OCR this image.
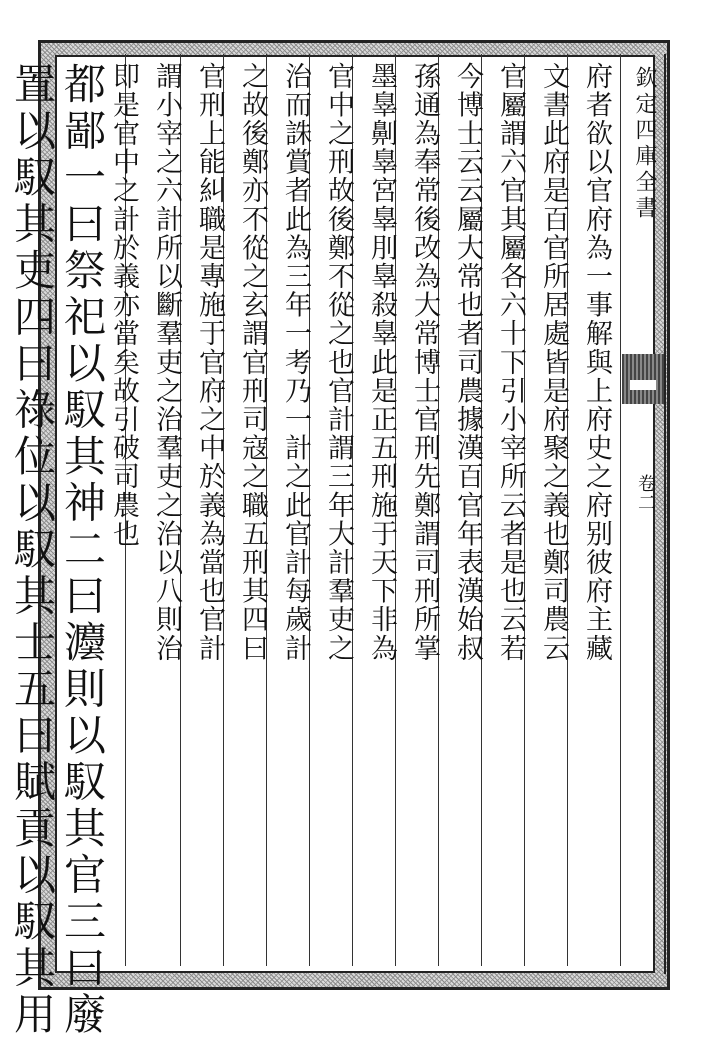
欽定四庫全書
卷二
府者欲以官府為一事解與上府史之府别彼府主藏
文書此府是百官所居處皆是府聚之義也鄭司農云
官屬謂六官其屬各六十下引小宰所云者是也云若
今博士云云屬大常也者司農據漢百官年表漢始叔
孫通為奉常後改為大常博士官刑先鄭謂司刑所掌
墨辠劓辠宮辠刖辠殺辠此是正五刑施于天下非為
官中之刑故後鄭不從之也官計謂三年大計羣吏之
治而誅賞者此為三年一考乃一計之此官計每歲計
之故後鄭亦不從之玄謂官刑司寇之職五刑其四曰
官刑上能糾職是專施于官府之中於義為當也官計
謂小宰之六計所以斷羣吏之治羣吏之治以八則治
即是官中之計於義亦當矣故引破司農也
都鄙一曰祭祀以馭其神二曰灋則以馭其官三曰廢
置以馭其吏四曰祿位以馭其士五曰賦貢以馭其用
